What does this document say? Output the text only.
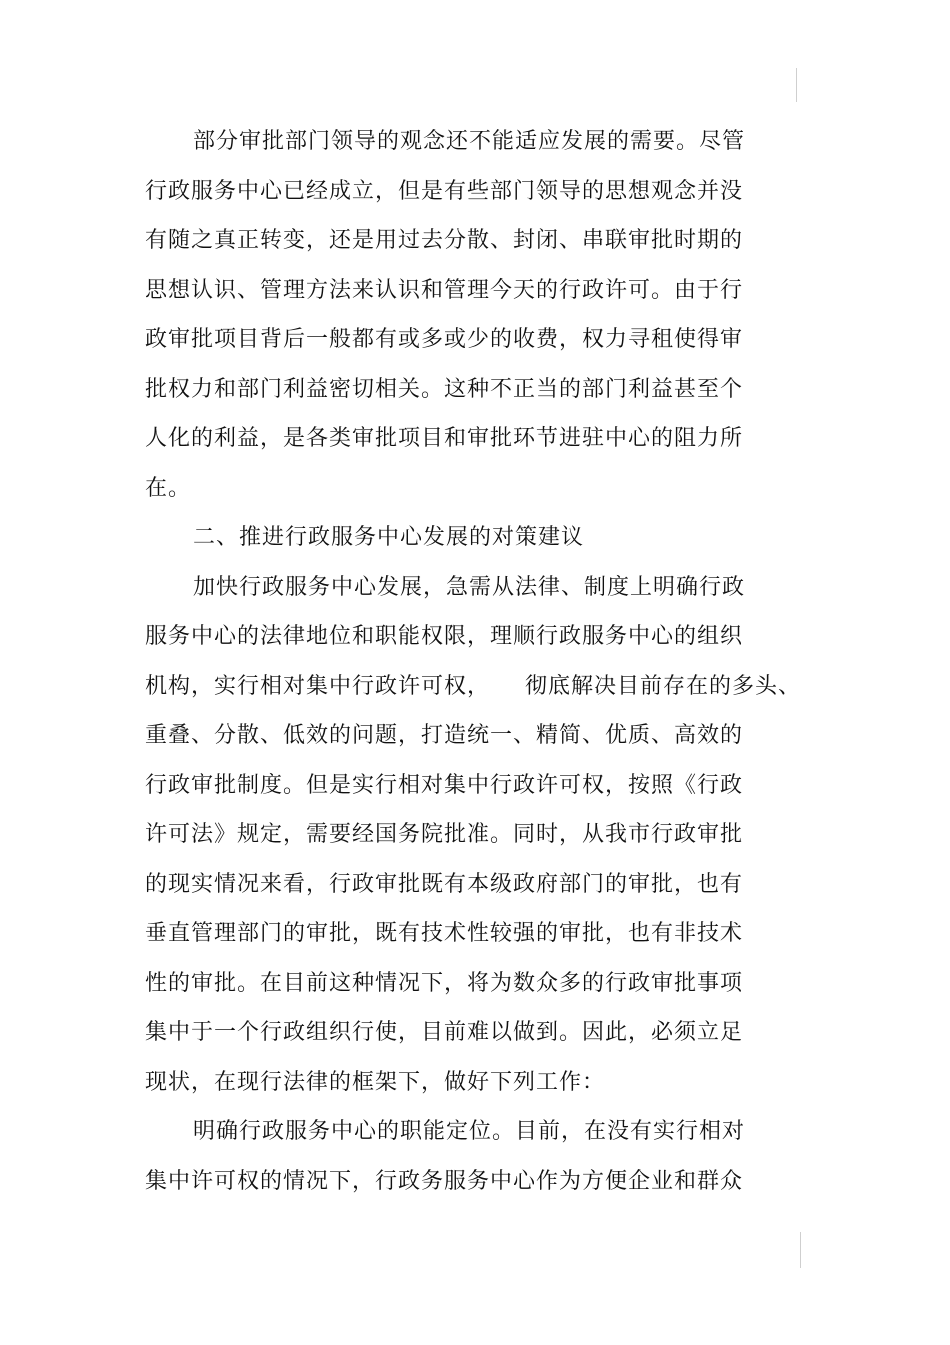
部分审批部门领导的观念还不能适应发展的需要。尽管
行政服务中心已经成立，但是有些部门领导的思想观念并没
有随之真正转变，还是用过去分散、封闭、串联审批时期的
思想认识、管理方法来认识和管理今天的行政许可。由于行
政审批项目背后一般都有或多或少的收费，权力寻租使得审
批权力和部门利益密切相关。这种不正当的部门利益甚至个
人化的利益，是各类审批项目和审批环节进驻中心的阻力所
在。
二、推进行政服务中心发展的对策建议
加快行政服务中心发展，急需从法律、制度上明确行政
服务中心的法律地位和职能权限，理顺行政服务中心的组织
机构，实行相对集中行政许可权，　　彻底解决目前存在的多头、
重叠、分散、低效的问题，打造统一、精简、优质、高效的
行政审批制度。但是实行相对集中行政许可权，按照《行政
许可法》规定，需要经国务院批准。同时，从我市行政审批
的现实情况来看，行政审批既有本级政府部门的审批，也有
垂直管理部门的审批，既有技术性较强的审批，也有非技术
性的审批。在目前这种情况下，将为数众多的行政审批事项
集中于一个行政组织行使，目前难以做到。因此，必须立足
现状，在现行法律的框架下，做好下列工作：
明确行政服务中心的职能定位。目前，在没有实行相对
集中许可权的情况下，行政务服务中心作为方便企业和群众
